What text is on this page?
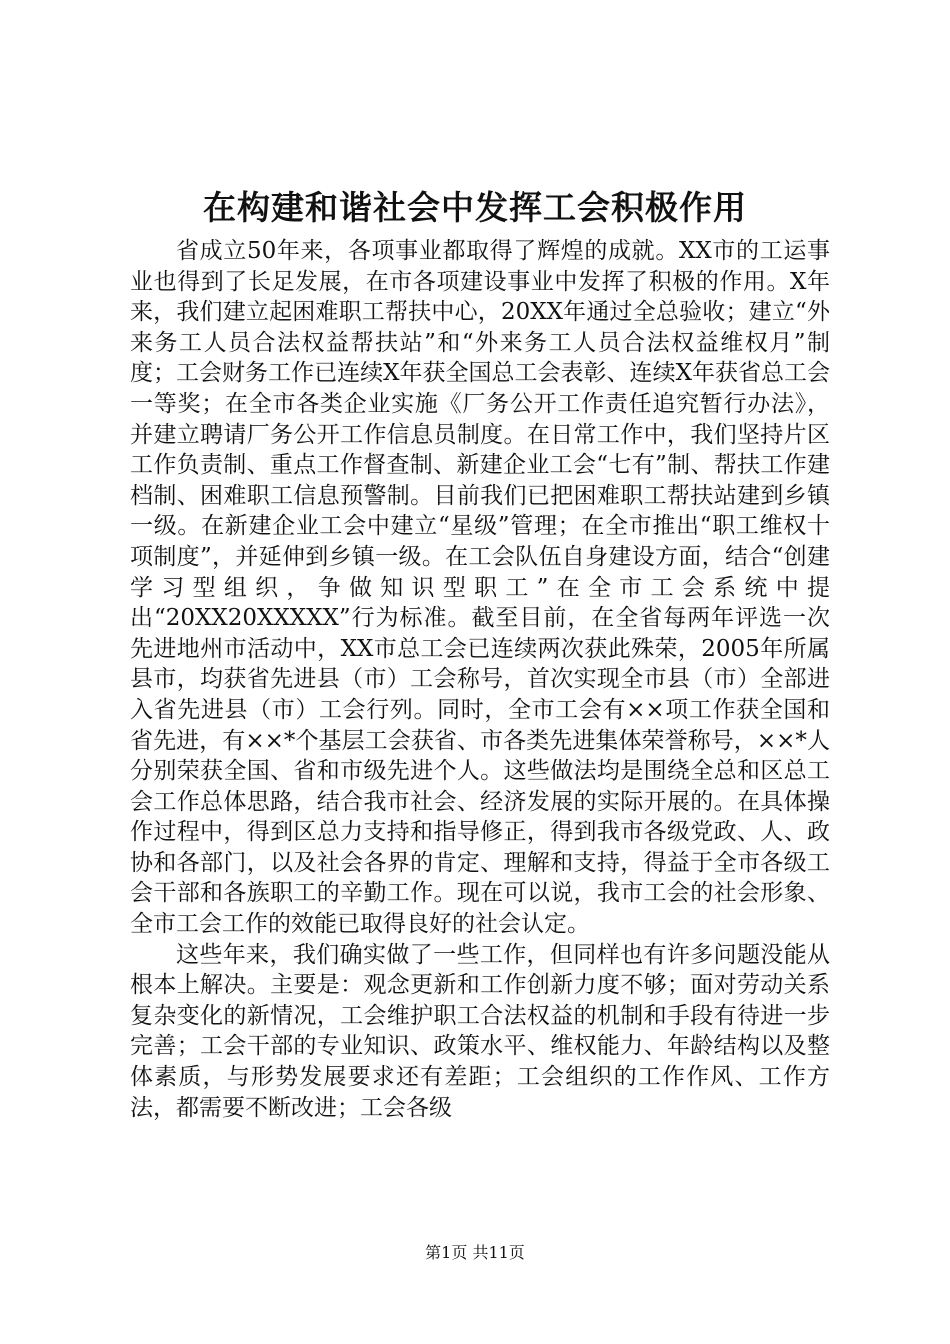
在构建和谐社会中发挥工会积极作用

省成立50年来，各项事业都取得了辉煌的成就。XX市的工运事业也得到了长足发展，在市各项建设事业中发挥了积极的作用。X年来，我们建立起困难职工帮扶中心，20XX年通过全总验收；建立“外来务工人员合法权益帮扶站”和“外来务工人员合法权益维权月”制度；工会财务工作已连续X年获全国总工会表彰、连续X年获省总工会一等奖；在全市各类企业实施《厂务公开工作责任追究暂行办法》，并建立聘请厂务公开工作信息员制度。在日常工作中，我们坚持片区工作负责制、重点工作督查制、新建企业工会“七有”制、帮扶工作建档制、困难职工信息预警制。目前我们已把困难职工帮扶站建到乡镇一级。在新建企业工会中建立“星级”管理；在全市推出“职工维权十项制度”，并延伸到乡镇一级。在工会队伍自身建设方面，结合“创建学习型组织，争做知识型职工”在全市工会系统中提出“20XX20XXXXX”行为标准。截至目前，在全省每两年评选一次先进地州市活动中，XX市总工会已连续两次获此殊荣，2005年所属县市，均获省先进县（市）工会称号，首次实现全市县（市）全部进入省先进县（市）工会行列。同时，全市工会有××项工作获全国和省先进，有××*个基层工会获省、市各类先进集体荣誉称号，××*人分别荣获全国、省和市级先进个人。这些做法均是围绕全总和区总工会工作总体思路，结合我市社会、经济发展的实际开展的。在具体操作过程中，得到区总力支持和指导修正，得到我市各级党政、人、政协和各部门，以及社会各界的肯定、理解和支持，得益于全市各级工会干部和各族职工的辛勤工作。现在可以说，我市工会的社会形象、全市工会工作的效能已取得良好的社会认定。

这些年来，我们确实做了一些工作，但同样也有许多问题没能从根本上解决。主要是：观念更新和工作创新力度不够；面对劳动关系复杂变化的新情况，工会维护职工合法权益的机制和手段有待进一步完善；工会干部的专业知识、政策水平、维权能力、年龄结构以及整体素质，与形势发展要求还有差距；工会组织的工作作风、工作方法，都需要不断改进；工会各级

第1页 共11页
